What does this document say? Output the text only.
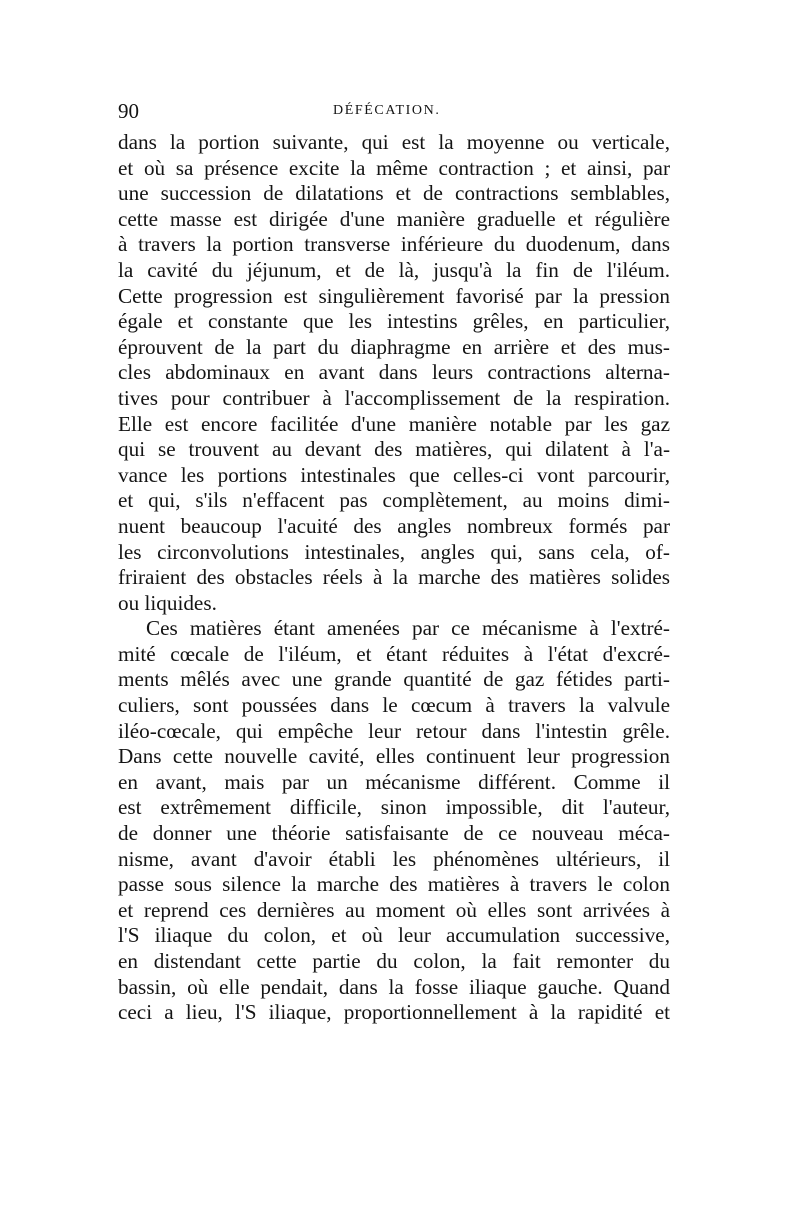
90	DÉFÉCATION.
dans la portion suivante, qui est la moyenne ou verticale,
et où sa présence excite la même contraction ; et ainsi, par
une succession de dilatations et de contractions semblables,
cette masse est dirigée d'une manière graduelle et régulière
à travers la portion transverse inférieure du duodenum, dans
la cavité du jéjunum, et de là, jusqu'à la fin de l'iléum.
Cette progression est singulièrement favorisé par la pression
égale et constante que les intestins grêles, en particulier,
éprouvent de la part du diaphragme en arrière et des mus-
cles abdominaux en avant dans leurs contractions alterna-
tives pour contribuer à l'accomplissement de la respiration.
Elle est encore facilitée d'une manière notable par les gaz
qui se trouvent au devant des matières, qui dilatent à l'a-
vance les portions intestinales que celles-ci vont parcourir,
et qui, s'ils n'effacent pas complètement, au moins dimi-
nuent beaucoup l'acuité des angles nombreux formés par
les circonvolutions intestinales, angles qui, sans cela, of-
friraient des obstacles réels à la marche des matières solides
ou liquides.
Ces matières étant amenées par ce mécanisme à l'extré-
mité cœcale de l'iléum, et étant réduites à l'état d'excré-
ments mêlés avec une grande quantité de gaz fétides parti-
culiers, sont poussées dans le cœcum à travers la valvule
iléo-cœcale, qui empêche leur retour dans l'intestin grêle.
Dans cette nouvelle cavité, elles continuent leur progression
en avant, mais par un mécanisme différent. Comme il
est extrêmement difficile, sinon impossible, dit l'auteur,
de donner une théorie satisfaisante de ce nouveau méca-
nisme, avant d'avoir établi les phénomènes ultérieurs, il
passe sous silence la marche des matières à travers le colon
et reprend ces dernières au moment où elles sont arrivées à
l'S iliaque du colon, et où leur accumulation successive,
en distendant cette partie du colon, la fait remonter du
bassin, où elle pendait, dans la fosse iliaque gauche. Quand
ceci a lieu, l'S iliaque, proportionnellement à la rapidité et
